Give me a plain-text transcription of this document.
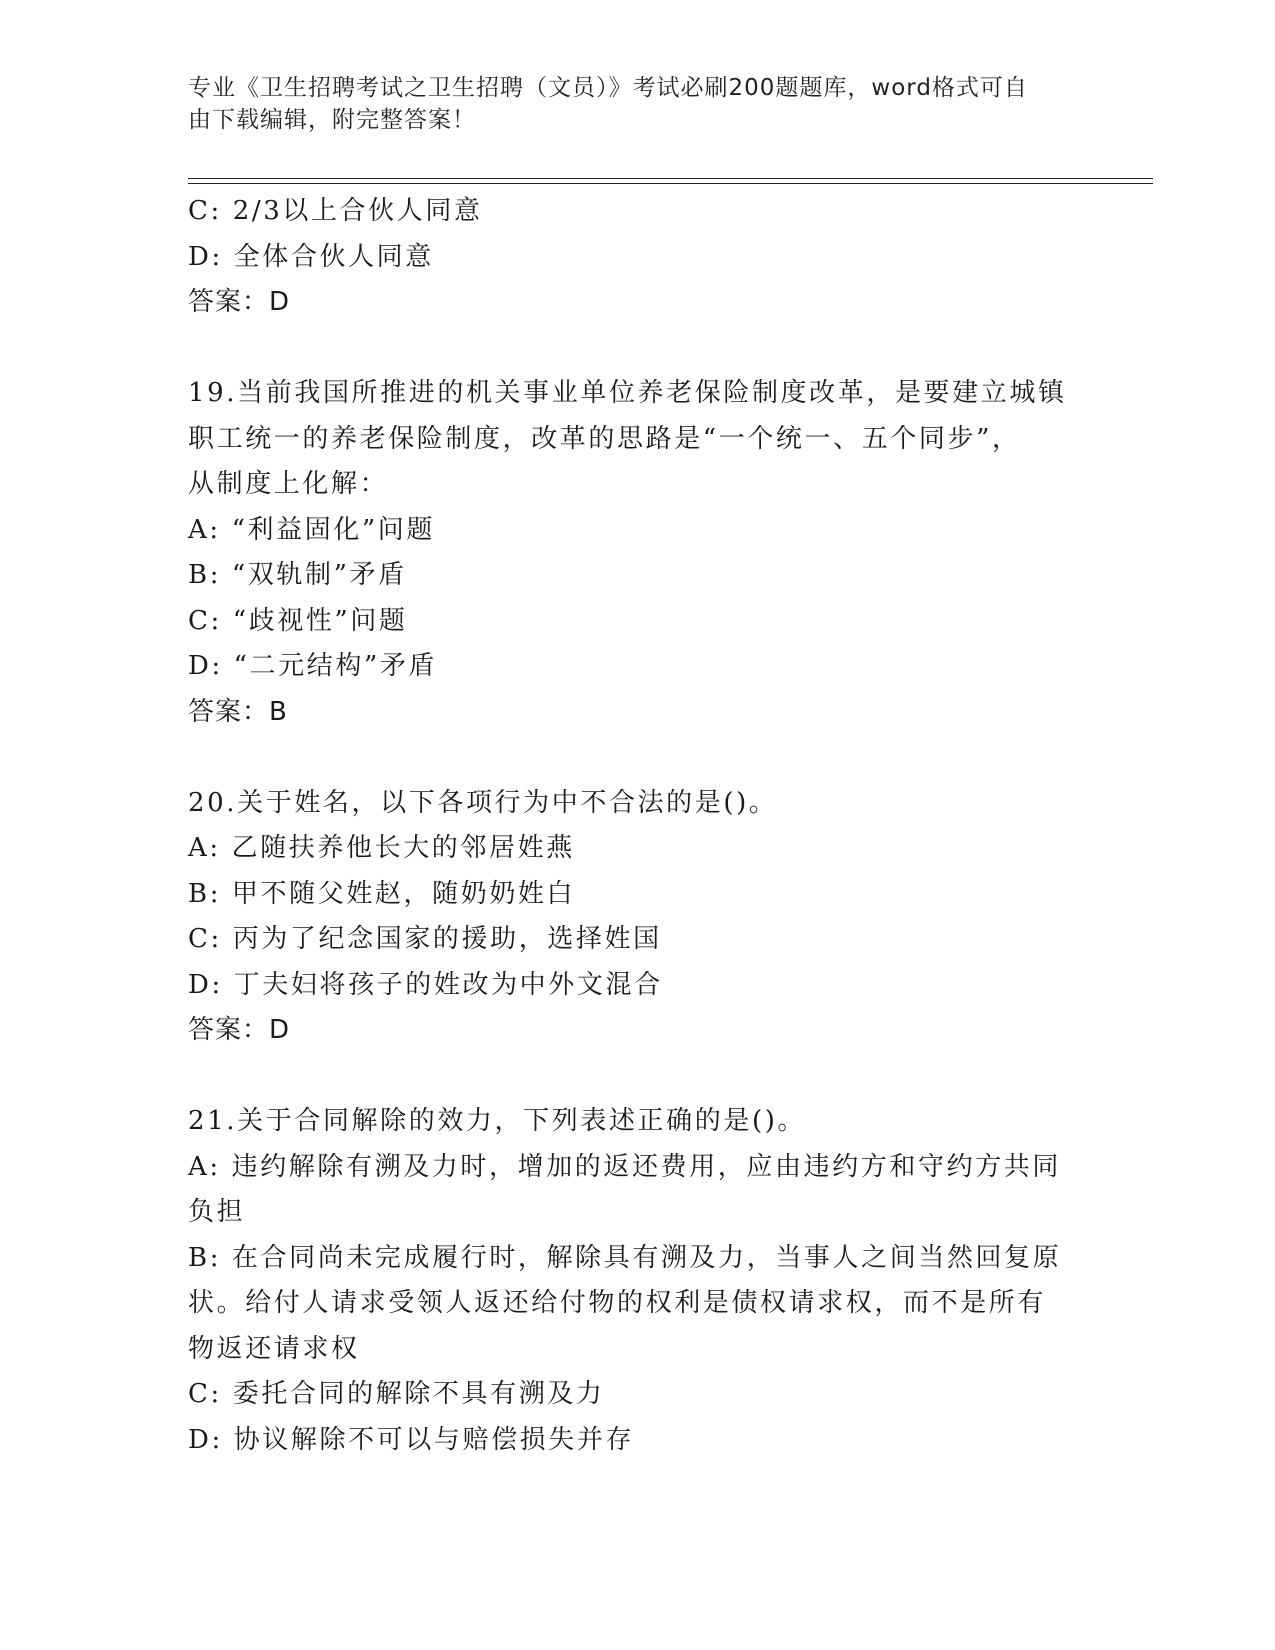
专业《卫生招聘考试之卫生招聘（文员）》考试必刷200题题库，word格式可自
由下载编辑，附完整答案！
C: 2/3以上合伙人同意
D: 全体合伙人同意
答案：D
19.当前我国所推进的机关事业单位养老保险制度改革，是要建立城镇
职工统一的养老保险制度，改革的思路是“一个统一、五个同步”，
从制度上化解：
A: “利益固化”问题
B: “双轨制”矛盾
C: “歧视性”问题
D: “二元结构”矛盾
答案：B
20.关于姓名，以下各项行为中不合法的是()。
A: 乙随扶养他长大的邻居姓燕
B: 甲不随父姓赵，随奶奶姓白
C: 丙为了纪念国家的援助，选择姓国
D: 丁夫妇将孩子的姓改为中外文混合
答案：D
21.关于合同解除的效力，下列表述正确的是()。
A: 违约解除有溯及力时，增加的返还费用，应由违约方和守约方共同
负担
B: 在合同尚未完成履行时，解除具有溯及力，当事人之间当然回复原
状。给付人请求受领人返还给付物的权利是债权请求权，而不是所有
物返还请求权
C: 委托合同的解除不具有溯及力
D: 协议解除不可以与赔偿损失并存
